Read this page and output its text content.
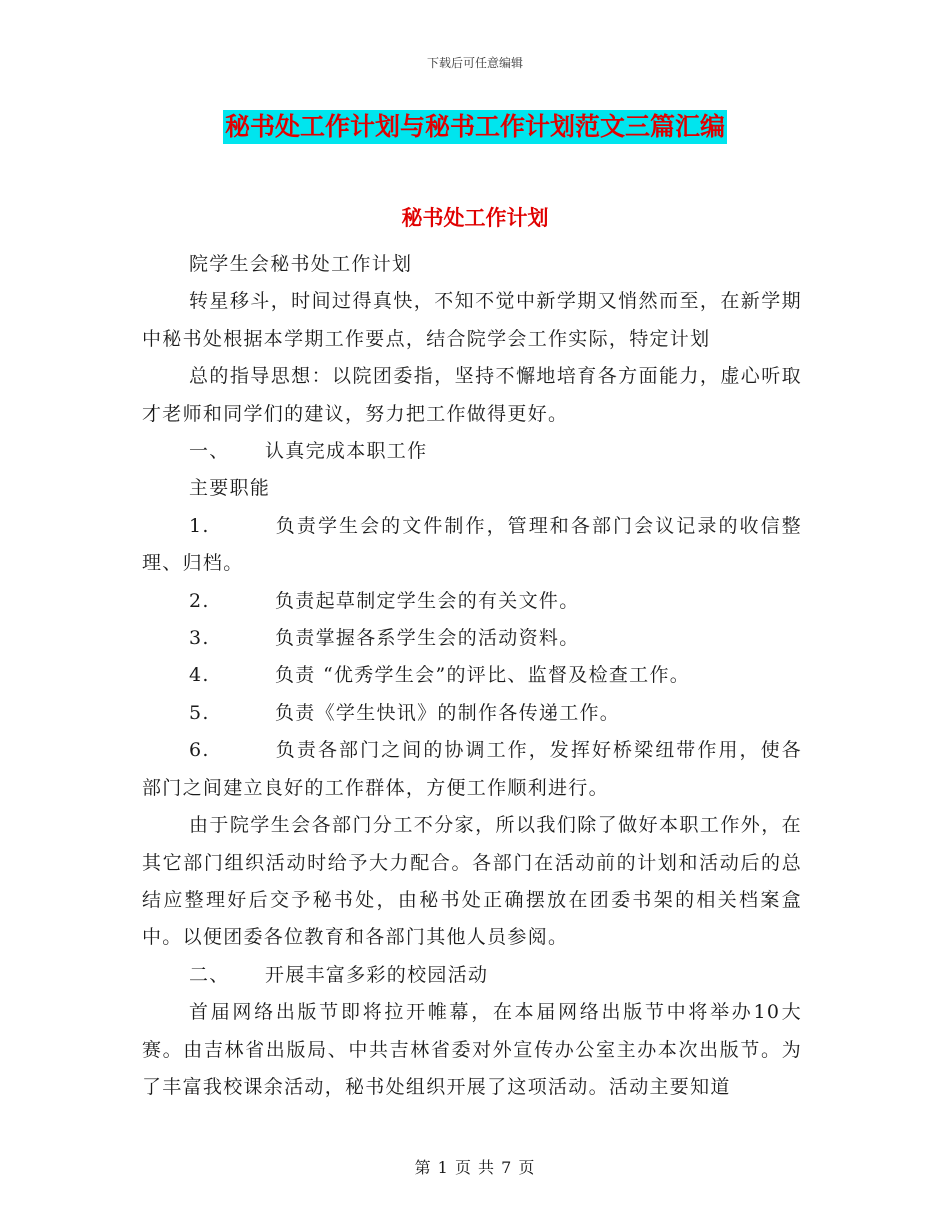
下载后可任意编辑
秘书处工作计划与秘书工作计划范文三篇汇编
秘书处工作计划

院学生会秘书处工作计划

转星移斗，时间过得真快，不知不觉中新学期又悄然而至，在新学期中秘书处根据本学期工作要点，结合院学会工作实际，特定计划

总的指导思想：以院团委指，坚持不懈地培育各方面能力，虚心听取才老师和同学们的建议，努力把工作做得更好。

一、 认真完成本职工作

主要职能

1.	负责学生会的文件制作，管理和各部门会议记录的收信整理、归档。

2.	负责起草制定学生会的有关文件。

3.	负责掌握各系学生会的活动资料。

4.	负责 “优秀学生会”的评比、监督及检查工作。

5.	负责《学生快讯》的制作各传递工作。

6.	负责各部门之间的协调工作，发挥好桥梁纽带作用，使各部门之间建立良好的工作群体，方便工作顺利进行。

由于院学生会各部门分工不分家，所以我们除了做好本职工作外，在其它部门组织活动时给予大力配合。各部门在活动前的计划和活动后的总结应整理好后交予秘书处，由秘书处正确摆放在团委书架的相关档案盒中。以便团委各位教育和各部门其他人员参阅。

二、 开展丰富多彩的校园活动

首届网络出版节即将拉开帷幕，在本届网络出版节中将举办10大赛。由吉林省出版局、中共吉林省委对外宣传办公室主办本次出版节。为了丰富我校课余活动，秘书处组织开展了这项活动。活动主要知道

第 1 页 共 7 页
